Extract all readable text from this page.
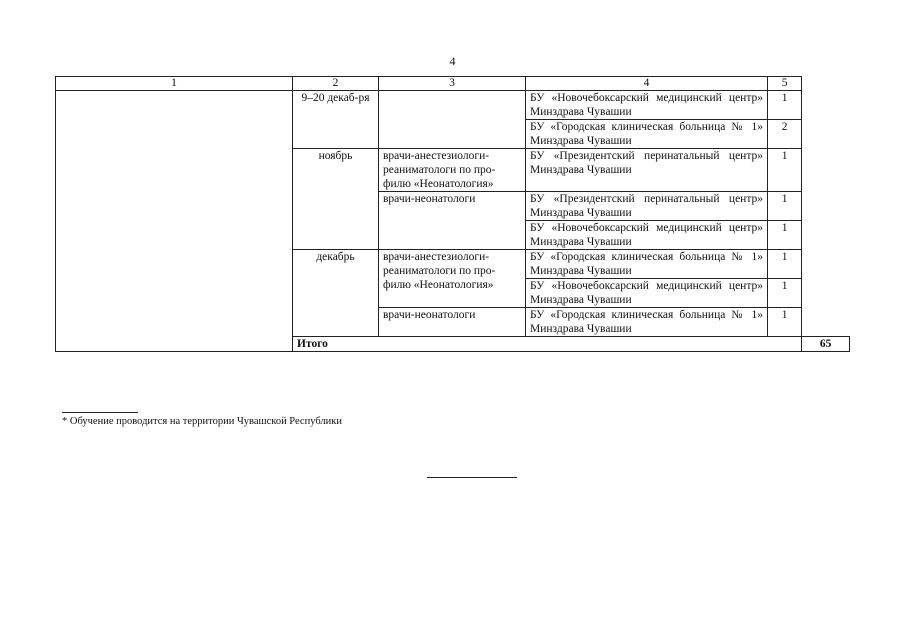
4
1	2	3	4	5	
	9–20 декаб-ря		БУ «Новочебоксарский медицинский центр» Минздрава Чувашии	1	
			БУ «Городская клиническая больница № 1» Минздрава Чувашии	2	
	ноябрь	врачи-анестезиологи-реаниматологи по про-филю «Неонатология»	БУ «Президентский перинатальный центр» Минздрава Чувашии	1	
		врачи-неонатологи	БУ «Президентский перинатальный центр» Минздрава Чувашии	1	
			БУ «Новочебоксарский медицинский центр» Минздрава Чувашии	1	
	декабрь	врачи-анестезиологи-реаниматологи по про-филю «Неонатология»	БУ «Городская клиническая больница № 1» Минздрава Чувашии	1	
			БУ «Новочебоксарский медицинский центр» Минздрава Чувашии	1	
		врачи-неонатологи	БУ «Городская клиническая больница № 1» Минздрава Чувашии	1	
	Итого				65
* Обучение проводится на территории Чувашской Республики
